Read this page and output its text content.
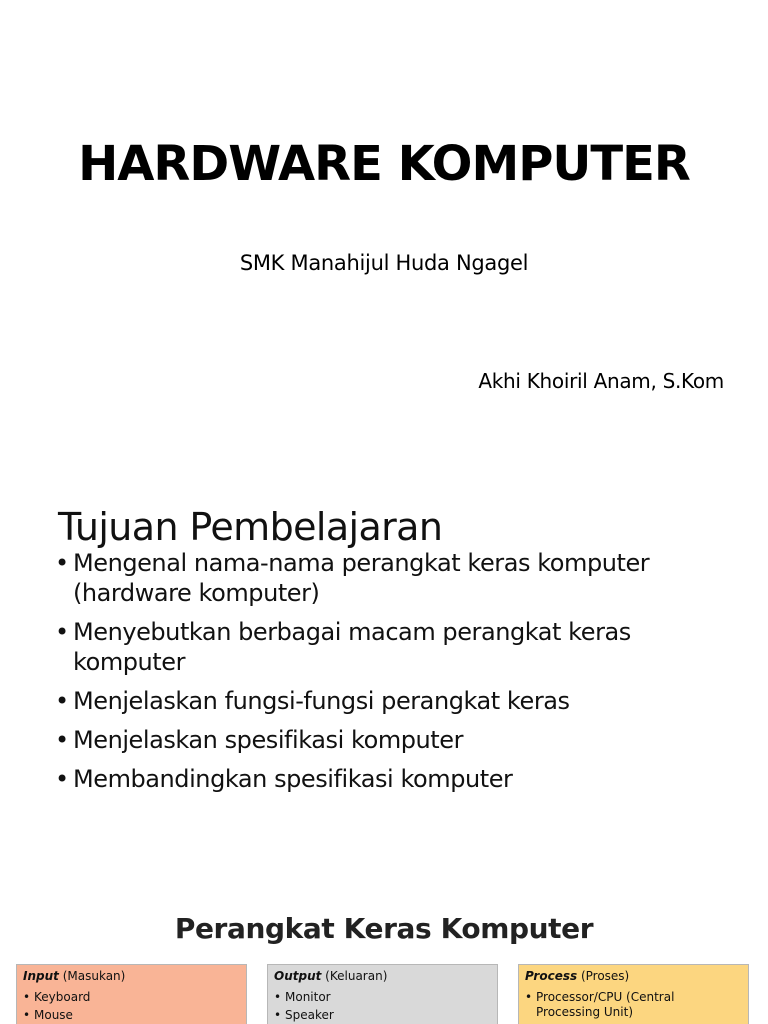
HARDWARE KOMPUTER
SMK Manahijul Huda Ngagel
Akhi Khoiril Anam, S.Kom
Tujuan Pembelajaran
• Mengenal nama-nama perangkat keras komputer (hardware komputer)
• Menyebutkan berbagai macam perangkat keras komputer
• Menjelaskan fungsi-fungsi perangkat keras
• Menjelaskan spesifikasi komputer
• Membandingkan spesifikasi komputer
Perangkat Keras Komputer
Input (Masukan)
• Keyboard
• Mouse
Output (Keluaran)
• Monitor
• Speaker
Process (Proses)
• Processor/CPU (Central Processing Unit)
